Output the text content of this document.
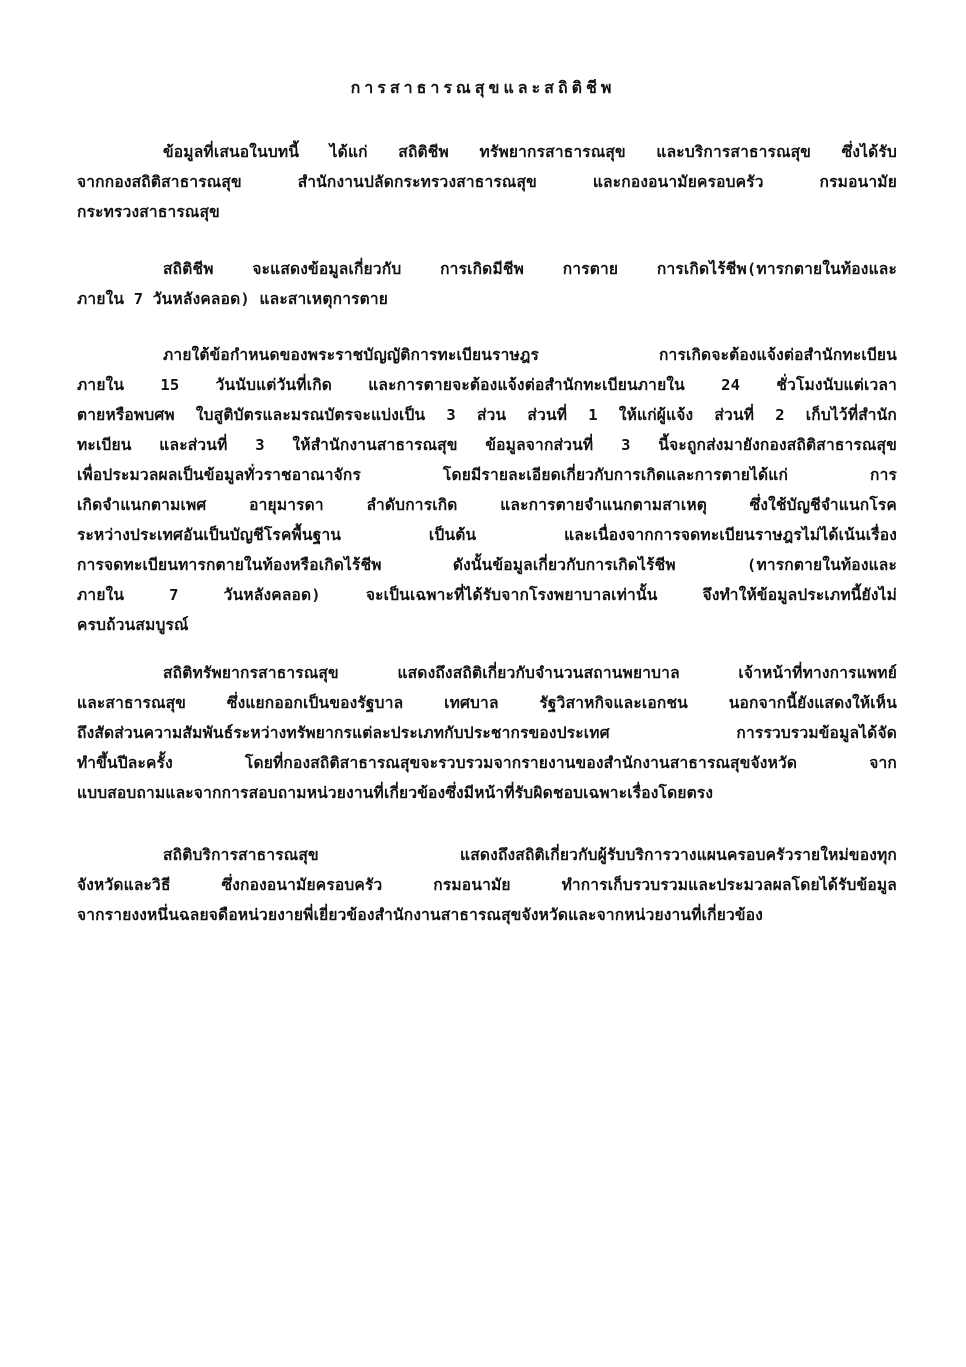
การสาธารณสุขและสถิติชีพ
ข้อมูลที่เสนอในบทนี้ ได้แก่ สถิติชีพ ทรัพยากรสาธารณสุข และบริการสาธารณสุข ซึ่งได้รับ
จากกองสถิติสาธารณสุข สำนักงานปลัดกระทรวงสาธารณสุข และกองอนามัยครอบครัว กรมอนามัย
กระทรวงสาธารณสุข
สถิติชีพ จะแสดงข้อมูลเกี่ยวกับ การเกิดมีชีพ การตาย การเกิดไร้ชีพ(ทารกตายในท้องและ
ภายใน 7 วันหลังคลอด) และสาเหตุการตาย
ภายใต้ข้อกำหนดของพระราชบัญญัติการทะเบียนราษฎร การเกิดจะต้องแจ้งต่อสำนักทะเบียน
ภายใน 15 วันนับแต่วันที่เกิด และการตายจะต้องแจ้งต่อสำนักทะเบียนภายใน 24 ชั่วโมงนับแต่เวลา
ตายหรือพบศพ ใบสูติบัตรและมรณบัตรจะแบ่งเป็น 3 ส่วน ส่วนที่ 1 ให้แก่ผู้แจ้ง ส่วนที่ 2 เก็บไว้ที่สำนัก
ทะเบียน และส่วนที่ 3 ให้สำนักงานสาธารณสุข ข้อมูลจากส่วนที่ 3 นี้จะถูกส่งมายังกองสถิติสาธารณสุข
เพื่อประมวลผลเป็นข้อมูลทั่วราชอาณาจักร โดยมีรายละเอียดเกี่ยวกับการเกิดและการตายได้แก่ การ
เกิดจำแนกตามเพศ อายุมารดา ลำดับการเกิด และการตายจำแนกตามสาเหตุ ซึ่งใช้บัญชีจำแนกโรค
ระหว่างประเทศอันเป็นบัญชีโรคพื้นฐาน เป็นต้น และเนื่องจากการจดทะเบียนราษฎรไม่ได้เน้นเรื่อง
การจดทะเบียนทารกตายในท้องหรือเกิดไร้ชีพ ดังนั้นข้อมูลเกี่ยวกับการเกิดไร้ชีพ (ทารกตายในท้องและ
ภายใน 7 วันหลังคลอด) จะเป็นเฉพาะที่ได้รับจากโรงพยาบาลเท่านั้น จึงทำให้ข้อมูลประเภทนี้ยังไม่
ครบถ้วนสมบูรณ์
สถิติทรัพยากรสาธารณสุข แสดงถึงสถิติเกี่ยวกับจำนวนสถานพยาบาล เจ้าหน้าที่ทางการแพทย์
และสาธารณสุข ซึ่งแยกออกเป็นของรัฐบาล เทศบาล รัฐวิสาหกิจและเอกชน นอกจากนี้ยังแสดงให้เห็น
ถึงสัดส่วนความสัมพันธ์ระหว่างทรัพยากรแต่ละประเภทกับประชากรของประเทศ การรวบรวมข้อมูลได้จัด
ทำขึ้นปีละครั้ง โดยที่กองสถิติสาธารณสุขจะรวบรวมจากรายงานของสำนักงานสาธารณสุขจังหวัด จาก
แบบสอบถามและจากการสอบถามหน่วยงานที่เกี่ยวข้องซึ่งมีหน้าที่รับผิดชอบเฉพาะเรื่องโดยตรง
สถิติบริการสาธารณสุข แสดงถึงสถิติเกี่ยวกับผู้รับบริการวางแผนครอบครัวรายใหม่ของทุก
จังหวัดและวิธี ซึ่งกองอนามัยครอบครัว กรมอนามัย ทำการเก็บรวบรวมและประมวลผลโดยได้รับข้อมูล
จากรายงงหนึ่นฉลยจดือหน่วยงายพี่เยี่ยวข้องสำนักงานสาธารณสุขจังหวัดและจากหน่วยงานที่เกี่ยวข้อง
